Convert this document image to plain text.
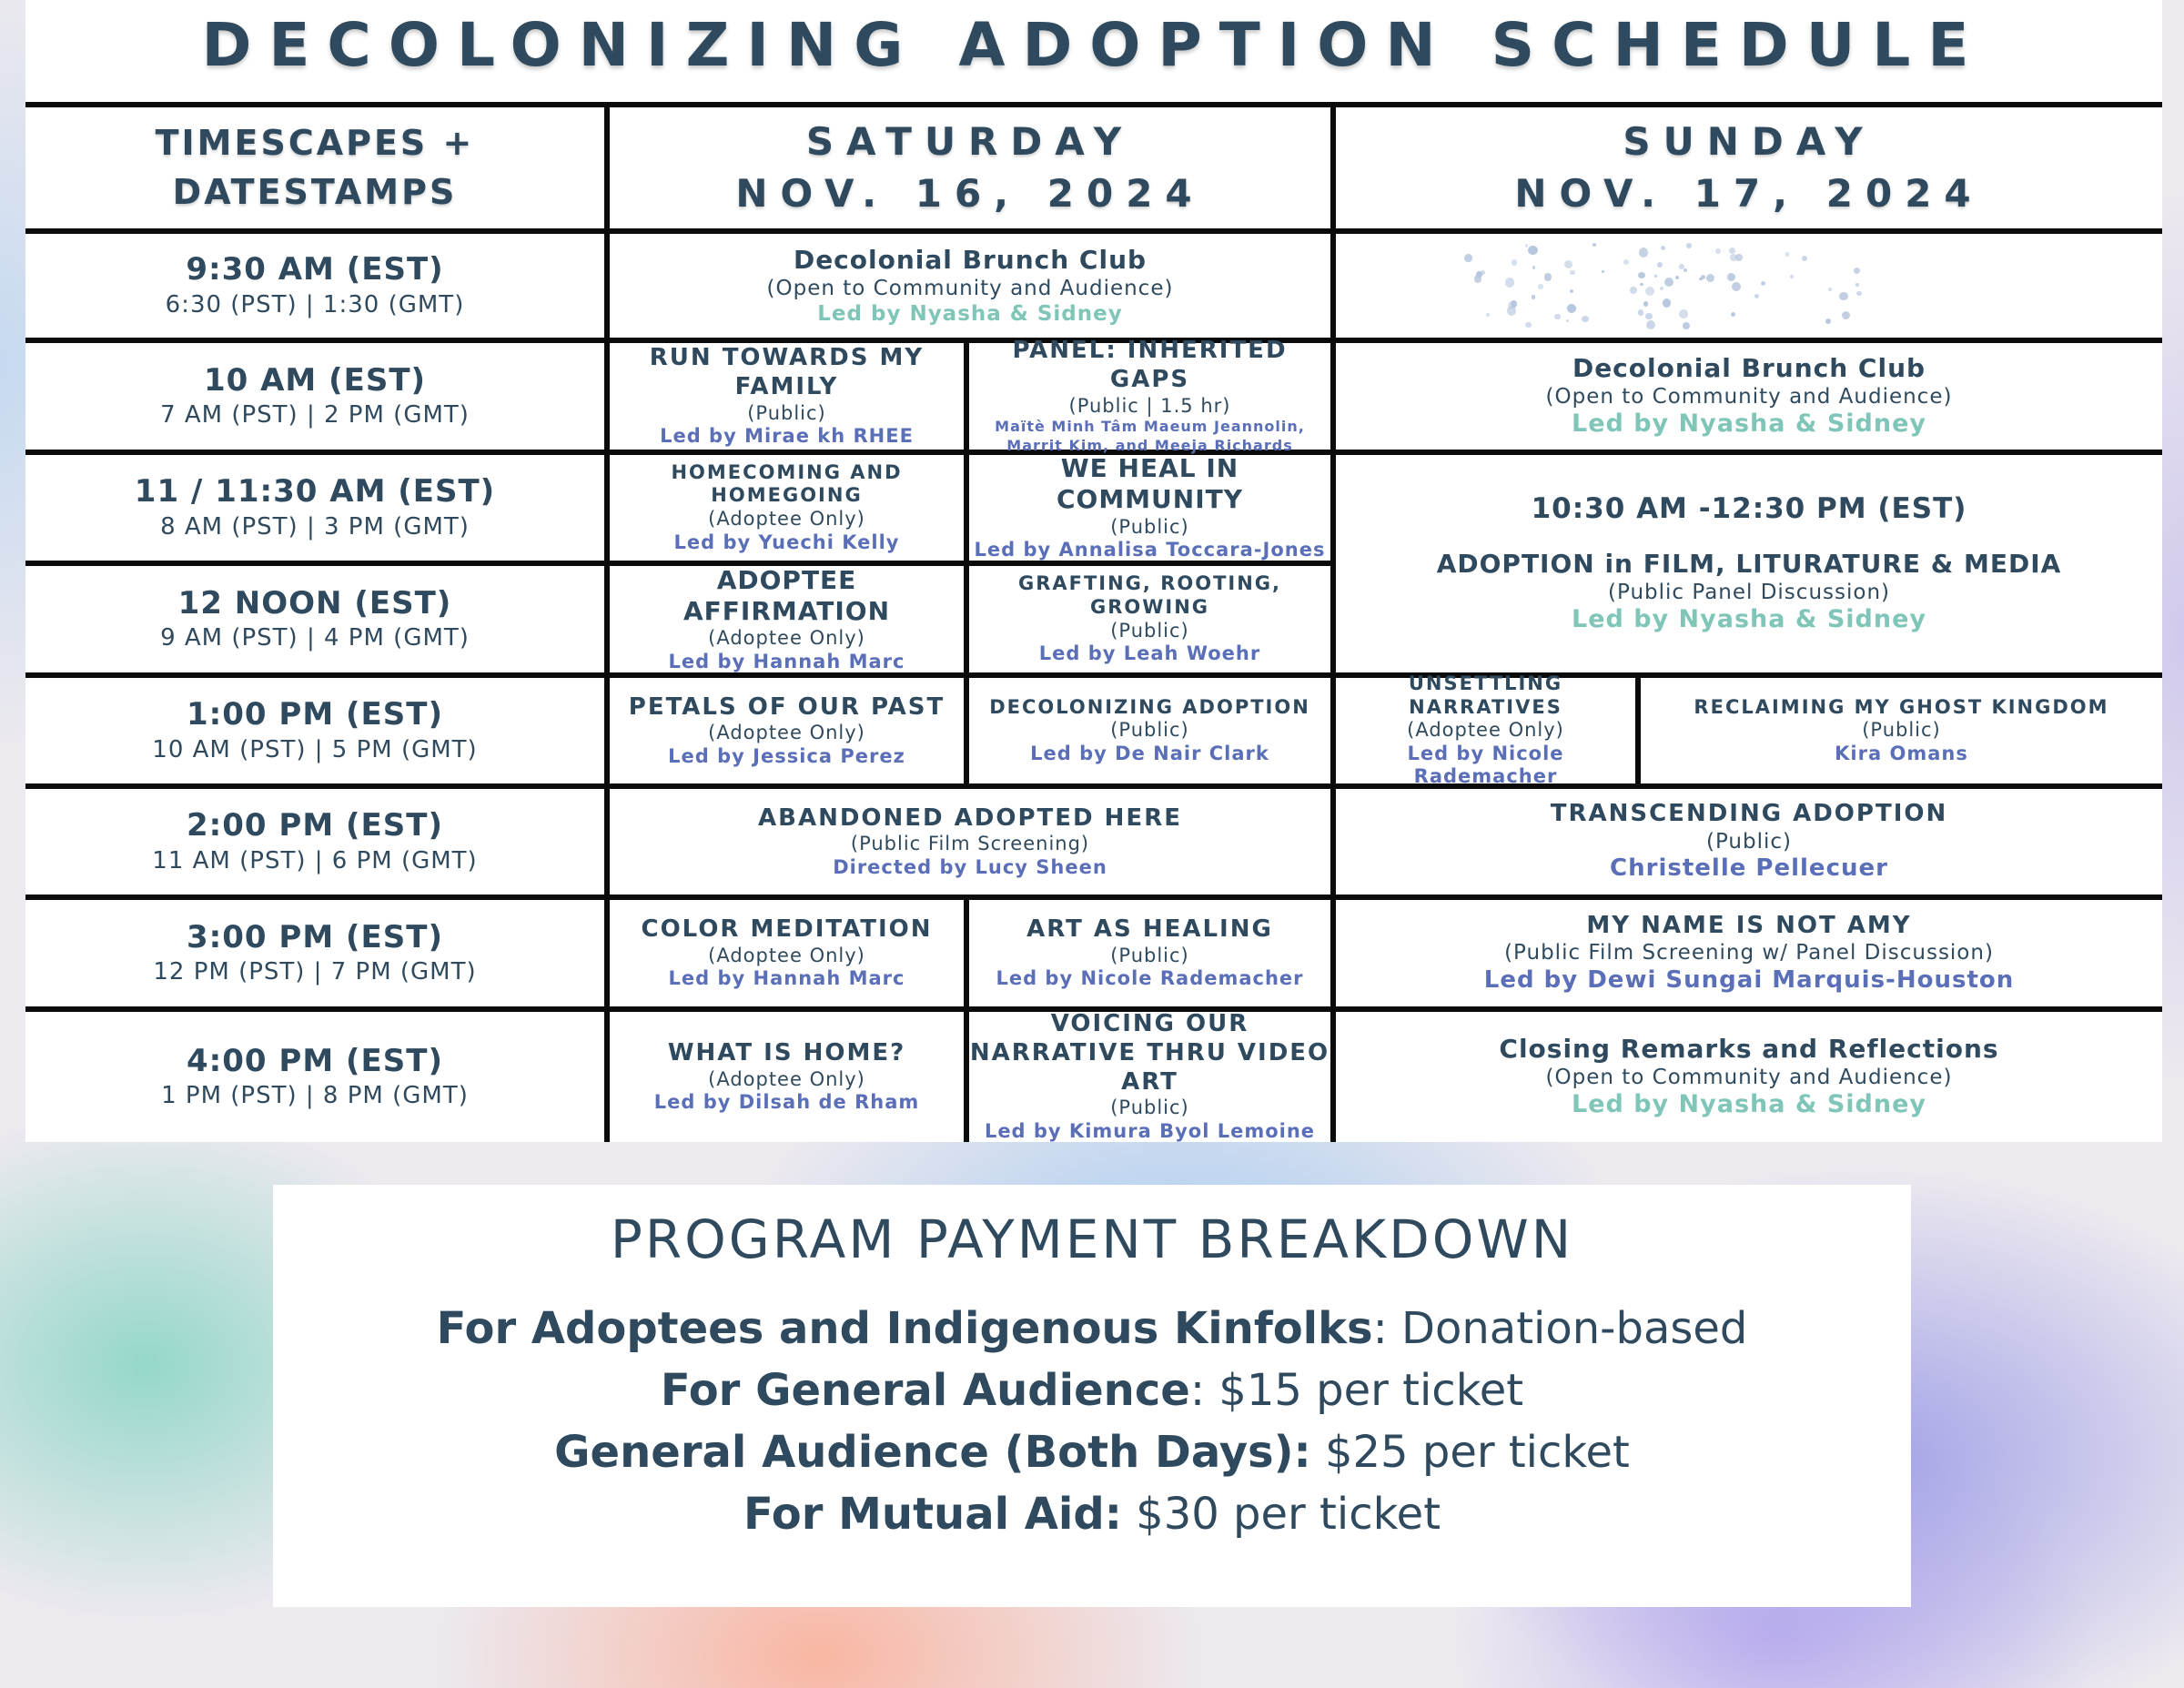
DECOLONIZING ADOPTION SCHEDULE
TIMESCAPES +
DATESTAMPS
SATURDAY
NOV. 16, 2024
SUNDAY
NOV. 17, 2024
9:30 AM (EST)
6:30 (PST) | 1:30 (GMT)
10 AM (EST)
7 AM (PST) | 2 PM (GMT)
11 / 11:30 AM (EST)
8 AM (PST) | 3 PM (GMT)
12 NOON (EST)
9 AM (PST) | 4 PM (GMT)
1:00 PM (EST)
10 AM (PST) | 5 PM (GMT)
2:00 PM (EST)
11 AM (PST) | 6 PM (GMT)
3:00 PM (EST)
12 PM (PST) | 7 PM (GMT)
4:00 PM (EST)
1 PM (PST) | 8 PM (GMT)
Decolonial Brunch Club
(Open to Community and Audience)
Led by Nyasha & Sidney
RUN TOWARDS MY FAMILY
(Public)
Led by Mirae kh RHEE
PANEL: INHERITED GAPS
(Public | 1.5 hr)
Maïtè Minh Tâm Maeum Jeannolin,
Marrit Kim, and Meeja Richards
HOMECOMING AND HOMEGOING
(Adoptee Only)
Led by Yuechi Kelly
WE HEAL IN COMMUNITY
(Public)
Led by Annalisa Toccara-Jones
ADOPTEE AFFIRMATION
(Adoptee Only)
Led by Hannah Marc
GRAFTING, ROOTING, GROWING
(Public)
Led by Leah Woehr
PETALS OF OUR PAST
(Adoptee Only)
Led by Jessica Perez
DECOLONIZING ADOPTION
(Public)
Led by De Nair Clark
ABANDONED ADOPTED HERE
(Public Film Screening)
Directed by Lucy Sheen
COLOR MEDITATION
(Adoptee Only)
Led by Hannah Marc
ART AS HEALING
(Public)
Led by Nicole Rademacher
WHAT IS HOME?
(Adoptee Only)
Led by Dilsah de Rham
VOICING OUR NARRATIVE THRU VIDEO ART
(Public)
Led by Kimura Byol Lemoine
Decolonial Brunch Club
(Open to Community and Audience)
Led by Nyasha & Sidney
10:30 AM -12:30 PM (EST)
ADOPTION in FILM, LITURATURE & MEDIA
(Public Panel Discussion)
Led by Nyasha & Sidney
UNSETTLING NARRATIVES
(Adoptee Only)
Led by Nicole Rademacher
RECLAIMING MY GHOST KINGDOM
(Public)
Kira Omans
TRANSCENDING ADOPTION
(Public)
Christelle Pellecuer
MY NAME IS NOT AMY
(Public Film Screening w/ Panel Discussion)
Led by Dewi Sungai Marquis-Houston
Closing Remarks and Reflections
(Open to Community and Audience)
Led by Nyasha & Sidney
PROGRAM PAYMENT BREAKDOWN
For Adoptees and Indigenous Kinfolks: Donation-based
For General Audience: $15 per ticket
General Audience (Both Days): $25 per ticket
For Mutual Aid: $30 per ticket
